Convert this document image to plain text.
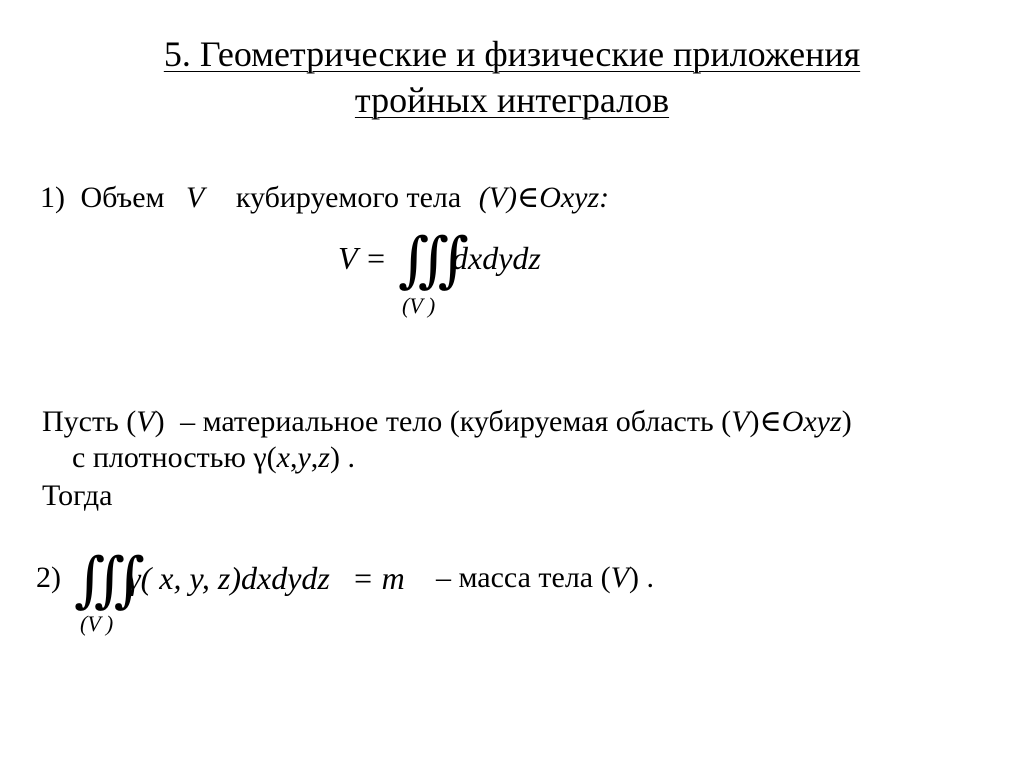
5. Геометрические и физические приложения
тройных интегралов
1) Объем V кубируемого тела (V)∈Oxyz:
V = ∭
dxdydz
(V )
Пусть (V) – материальное тело (кубируемая область (V)∈Oxyz)
с плотностью γ(x,y,z) .
Тогда
2) ∭
γ( x, y, z)dxdydz = m – масса тела (V) .
(V )
